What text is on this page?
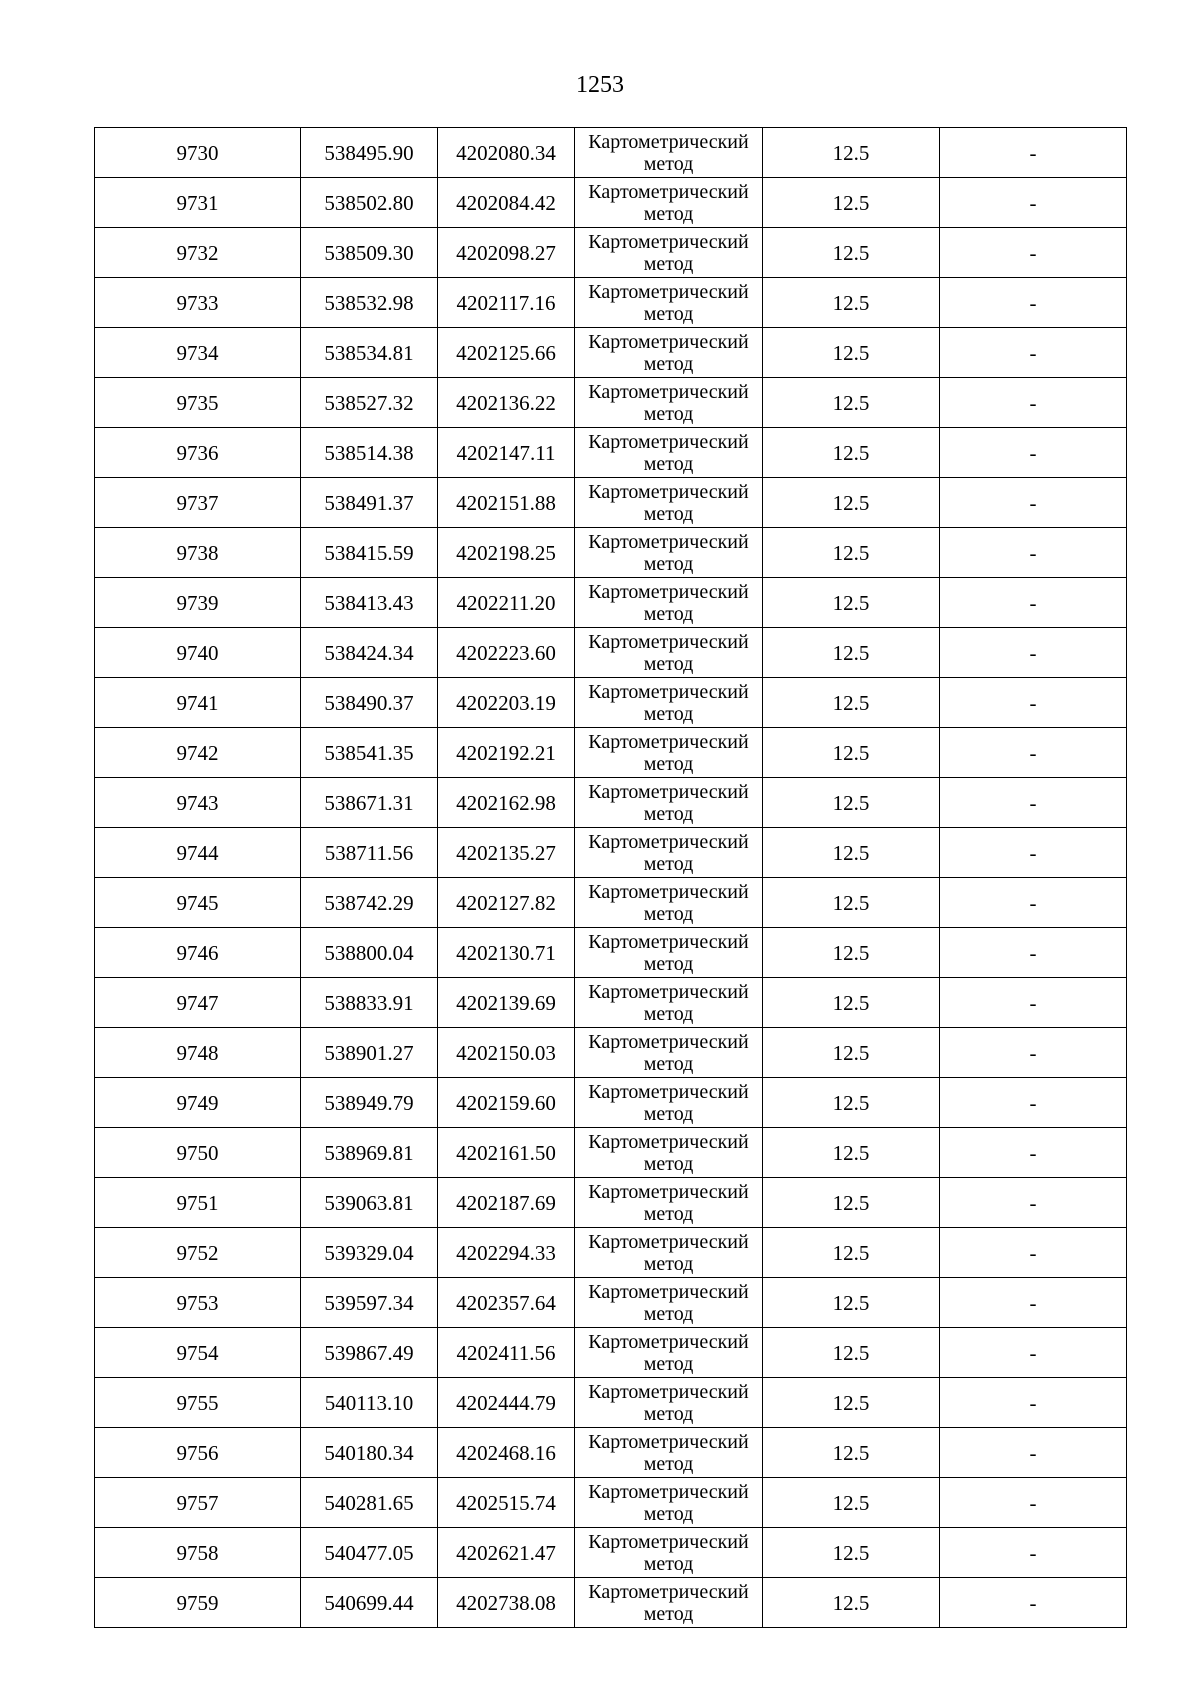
1253
9730	538495.90	4202080.34	Картометрический
метод	12.5	-
9731	538502.80	4202084.42	Картометрический
метод	12.5	-
9732	538509.30	4202098.27	Картометрический
метод	12.5	-
9733	538532.98	4202117.16	Картометрический
метод	12.5	-
9734	538534.81	4202125.66	Картометрический
метод	12.5	-
9735	538527.32	4202136.22	Картометрический
метод	12.5	-
9736	538514.38	4202147.11	Картометрический
метод	12.5	-
9737	538491.37	4202151.88	Картометрический
метод	12.5	-
9738	538415.59	4202198.25	Картометрический
метод	12.5	-
9739	538413.43	4202211.20	Картометрический
метод	12.5	-
9740	538424.34	4202223.60	Картометрический
метод	12.5	-
9741	538490.37	4202203.19	Картометрический
метод	12.5	-
9742	538541.35	4202192.21	Картометрический
метод	12.5	-
9743	538671.31	4202162.98	Картометрический
метод	12.5	-
9744	538711.56	4202135.27	Картометрический
метод	12.5	-
9745	538742.29	4202127.82	Картометрический
метод	12.5	-
9746	538800.04	4202130.71	Картометрический
метод	12.5	-
9747	538833.91	4202139.69	Картометрический
метод	12.5	-
9748	538901.27	4202150.03	Картометрический
метод	12.5	-
9749	538949.79	4202159.60	Картометрический
метод	12.5	-
9750	538969.81	4202161.50	Картометрический
метод	12.5	-
9751	539063.81	4202187.69	Картометрический
метод	12.5	-
9752	539329.04	4202294.33	Картометрический
метод	12.5	-
9753	539597.34	4202357.64	Картометрический
метод	12.5	-
9754	539867.49	4202411.56	Картометрический
метод	12.5	-
9755	540113.10	4202444.79	Картометрический
метод	12.5	-
9756	540180.34	4202468.16	Картометрический
метод	12.5	-
9757	540281.65	4202515.74	Картометрический
метод	12.5	-
9758	540477.05	4202621.47	Картометрический
метод	12.5	-
9759	540699.44	4202738.08	Картометрический
метод	12.5	-
